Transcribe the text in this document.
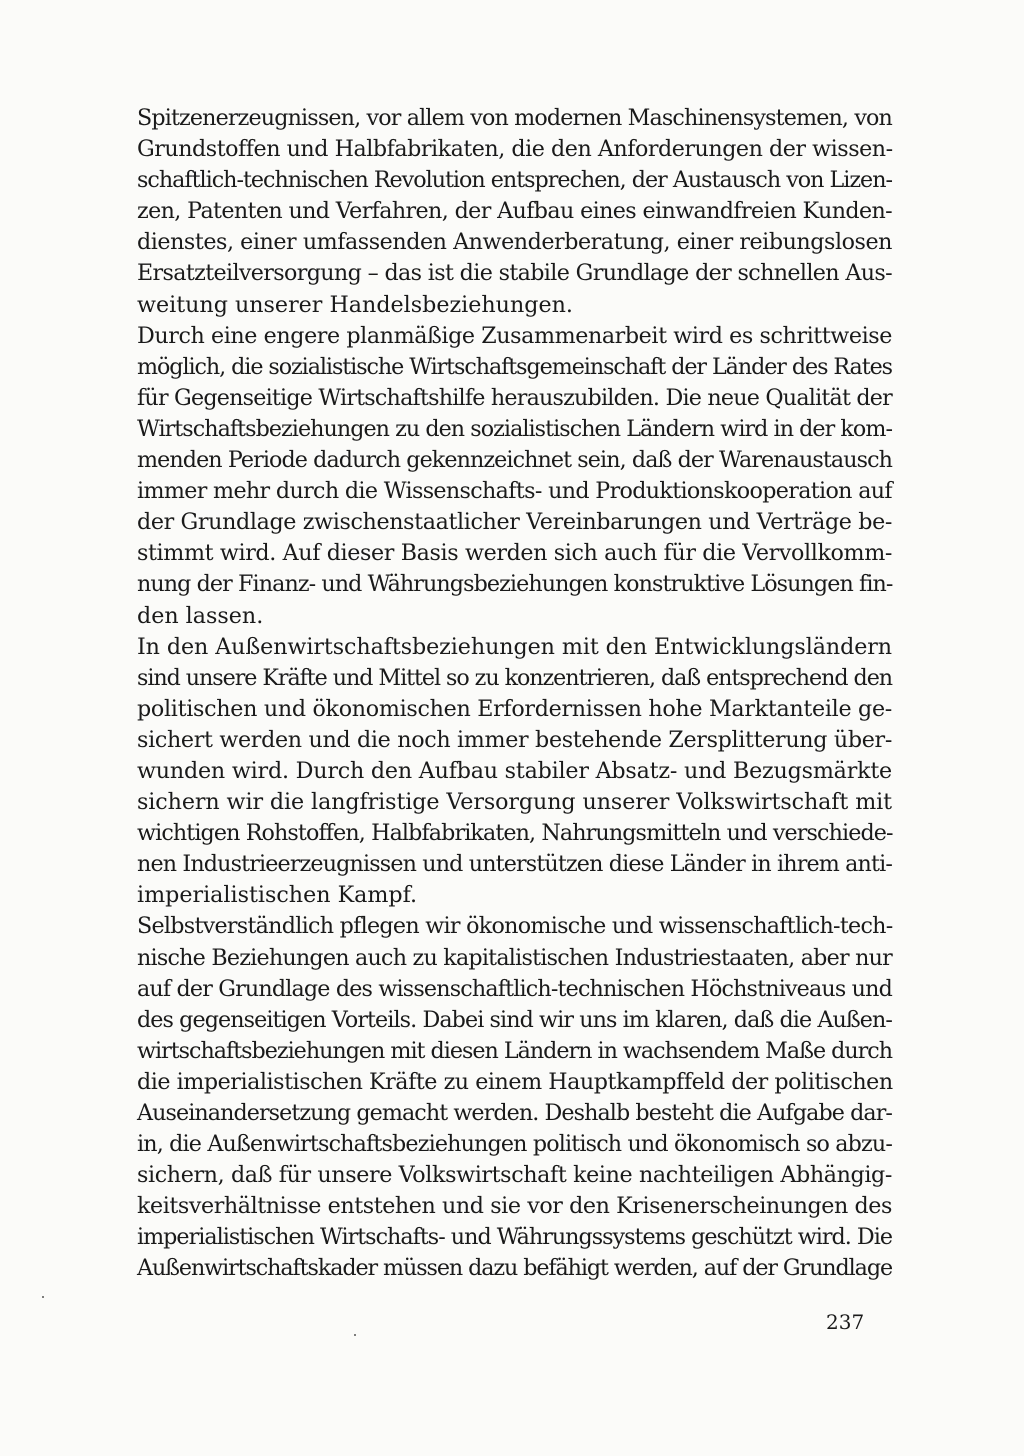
Spitzenerzeugnissen, vor allem von modernen Maschinensystemen, von
Grundstoffen und Halbfabrikaten, die den Anforderungen der wissen-
schaftlich-technischen Revolution entsprechen, der Austausch von Lizen-
zen, Patenten und Verfahren, der Aufbau eines einwandfreien Kunden-
dienstes, einer umfassenden Anwenderberatung, einer reibungslosen
Ersatzteilversorgung – das ist die stabile Grundlage der schnellen Aus-
weitung unserer Handelsbeziehungen.
Durch eine engere planmäßige Zusammenarbeit wird es schrittweise
möglich, die sozialistische Wirtschaftsgemeinschaft der Länder des Rates
für Gegenseitige Wirtschaftshilfe herauszubilden. Die neue Qualität der
Wirtschaftsbeziehungen zu den sozialistischen Ländern wird in der kom-
menden Periode dadurch gekennzeichnet sein, daß der Warenaustausch
immer mehr durch die Wissenschafts- und Produktionskooperation auf
der Grundlage zwischenstaatlicher Vereinbarungen und Verträge be-
stimmt wird. Auf dieser Basis werden sich auch für die Vervollkomm-
nung der Finanz- und Währungsbeziehungen konstruktive Lösungen fin-
den lassen.
In den Außenwirtschaftsbeziehungen mit den Entwicklungsländern
sind unsere Kräfte und Mittel so zu konzentrieren, daß entsprechend den
politischen und ökonomischen Erfordernissen hohe Marktanteile ge-
sichert werden und die noch immer bestehende Zersplitterung über-
wunden wird. Durch den Aufbau stabiler Absatz- und Bezugsmärkte
sichern wir die langfristige Versorgung unserer Volkswirtschaft mit
wichtigen Rohstoffen, Halbfabrikaten, Nahrungsmitteln und verschiede-
nen Industrieerzeugnissen und unterstützen diese Länder in ihrem anti-
imperialistischen Kampf.
Selbstverständlich pflegen wir ökonomische und wissenschaftlich-tech-
nische Beziehungen auch zu kapitalistischen Industriestaaten, aber nur
auf der Grundlage des wissenschaftlich-technischen Höchstniveaus und
des gegenseitigen Vorteils. Dabei sind wir uns im klaren, daß die Außen-
wirtschaftsbeziehungen mit diesen Ländern in wachsendem Maße durch
die imperialistischen Kräfte zu einem Hauptkampffeld der politischen
Auseinandersetzung gemacht werden. Deshalb besteht die Aufgabe dar-
in, die Außenwirtschaftsbeziehungen politisch und ökonomisch so abzu-
sichern, daß für unsere Volkswirtschaft keine nachteiligen Abhängig-
keitsverhältnisse entstehen und sie vor den Krisenerscheinungen des
imperialistischen Wirtschafts- und Währungssystems geschützt wird. Die
Außenwirtschaftskader müssen dazu befähigt werden, auf der Grundlage
237
